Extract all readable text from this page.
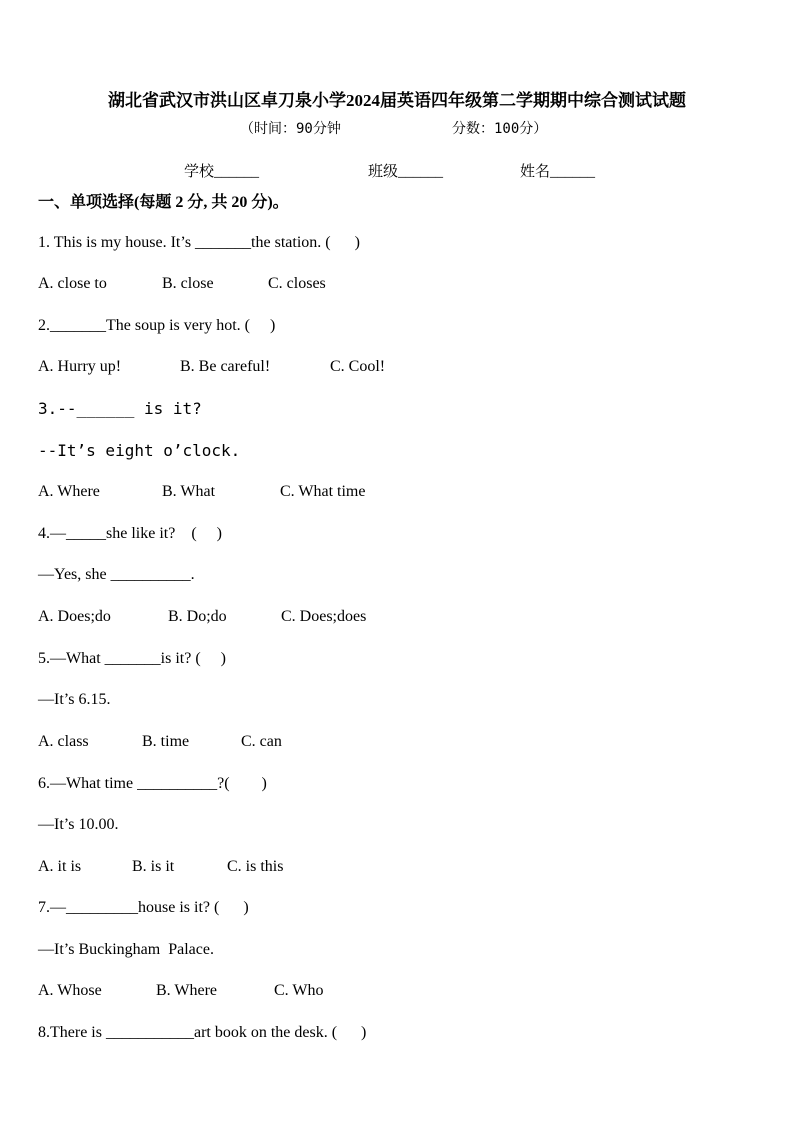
湖北省武汉市洪山区卓刀泉小学2024届英语四年级第二学期期中综合测试试题
（时间：90分钟	分数：100分）
学校______	班级______	姓名______
一、单项选择(每题 2 分, 共 20 分)。
1. This is my house. It’s _______the station. (      )
A. close to	B. close	C. closes
2._______The soup is very hot. (     )
A. Hurry up!	B. Be careful!	C. Cool!
3.--______ is it?
--It’s eight o’clock.
A. Where	B. What	C. What time
4.—_____she like it?    (     )
—Yes, she __________.
A. Does;do	B. Do;do	C. Does;does
5.—What _______is it? (     )
—It’s 6.15.
A. class	B. time	C. can
6.—What time __________?(        )
—It’s 10.00.
A. it is	B. is it	C. is this
7.—_________house is it? (      )
—It’s Buckingham  Palace.
A. Whose	B. Where	C. Who
8.There is ___________art book on the desk. (      )
